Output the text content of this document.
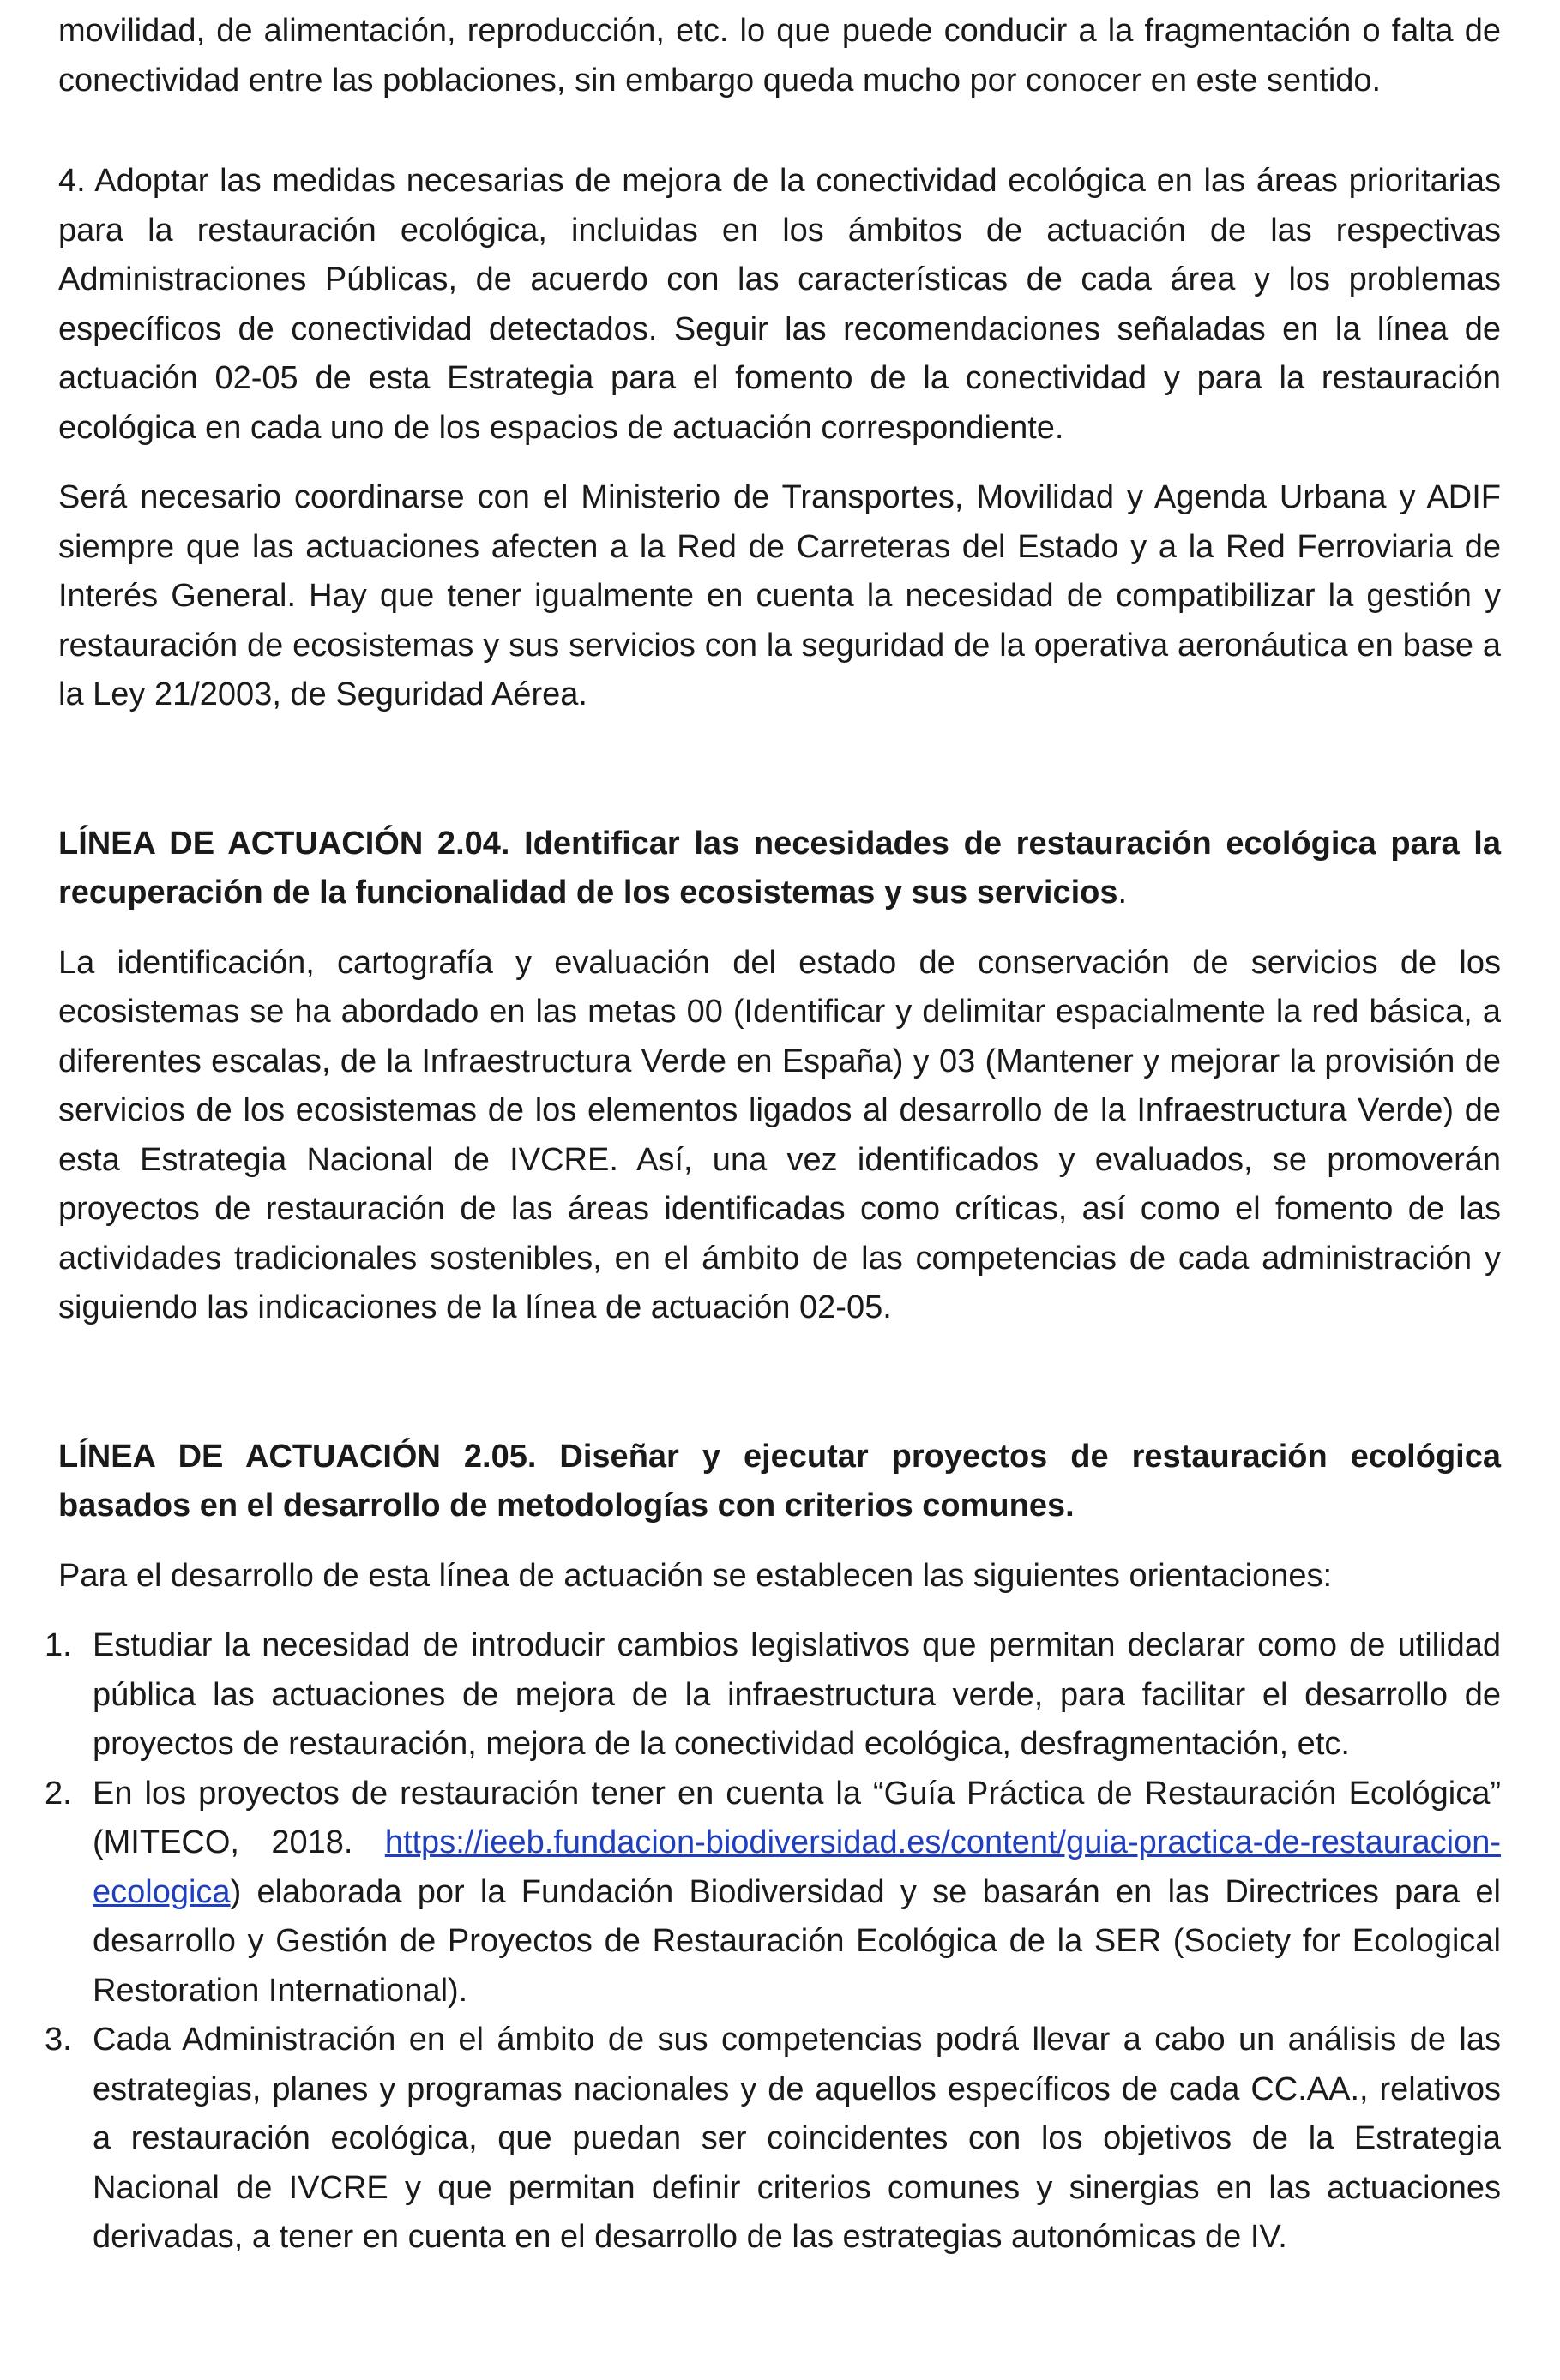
movilidad, de alimentación, reproducción, etc. lo que puede conducir a la fragmentación o falta de conectividad entre las poblaciones, sin embargo queda mucho por conocer en este sentido.

4. Adoptar las medidas necesarias de mejora de la conectividad ecológica en las áreas prioritarias para la restauración ecológica, incluidas en los ámbitos de actuación de las respectivas Administraciones Públicas, de acuerdo con las características de cada área y los problemas específicos de conectividad detectados. Seguir las recomendaciones señaladas en la línea de actuación 02-05 de esta Estrategia para el fomento de la conectividad y para la restauración ecológica en cada uno de los espacios de actuación correspondiente.

Será necesario coordinarse con el Ministerio de Transportes, Movilidad y Agenda Urbana y ADIF siempre que las actuaciones afecten a la Red de Carreteras del Estado y a la Red Ferroviaria de Interés General. Hay que tener igualmente en cuenta la necesidad de compatibilizar la gestión y restauración de ecosistemas y sus servicios con la seguridad de la operativa aeronáutica en base a la Ley 21/2003, de Seguridad Aérea.

LÍNEA DE ACTUACIÓN 2.04. Identificar las necesidades de restauración ecológica para la recuperación de la funcionalidad de los ecosistemas y sus servicios.

La identificación, cartografía y evaluación del estado de conservación de servicios de los ecosistemas se ha abordado en las metas 00 (Identificar y delimitar espacialmente la red básica, a diferentes escalas, de la Infraestructura Verde en España) y 03 (Mantener y mejorar la provisión de servicios de los ecosistemas de los elementos ligados al desarrollo de la Infraestructura Verde) de esta Estrategia Nacional de IVCRE. Así, una vez identificados y evaluados, se promoverán proyectos de restauración de las áreas identificadas como críticas, así como el fomento de las actividades tradicionales sostenibles, en el ámbito de las competencias de cada administración y siguiendo las indicaciones de la línea de actuación 02-05.

LÍNEA DE ACTUACIÓN 2.05. Diseñar y ejecutar proyectos de restauración ecológica basados en el desarrollo de metodologías con criterios comunes.

Para el desarrollo de esta línea de actuación se establecen las siguientes orientaciones:

1. Estudiar la necesidad de introducir cambios legislativos que permitan declarar como de utilidad pública las actuaciones de mejora de la infraestructura verde, para facilitar el desarrollo de proyectos de restauración, mejora de la conectividad ecológica, desfragmentación, etc.
2. En los proyectos de restauración tener en cuenta la “Guía Práctica de Restauración Ecológica” (MITECO, 2018. https://ieeb.fundacion-biodiversidad.es/content/guia-practica-de-restauracion-ecologica) elaborada por la Fundación Biodiversidad y se basarán en las Directrices para el desarrollo y Gestión de Proyectos de Restauración Ecológica de la SER (Society for Ecological Restoration International).
3. Cada Administración en el ámbito de sus competencias podrá llevar a cabo un análisis de las estrategias, planes y programas nacionales y de aquellos específicos de cada CC.AA., relativos a restauración ecológica, que puedan ser coincidentes con los objetivos de la Estrategia Nacional de IVCRE y que permitan definir criterios comunes y sinergias en las actuaciones derivadas, a tener en cuenta en el desarrollo de las estrategias autonómicas de IV.
